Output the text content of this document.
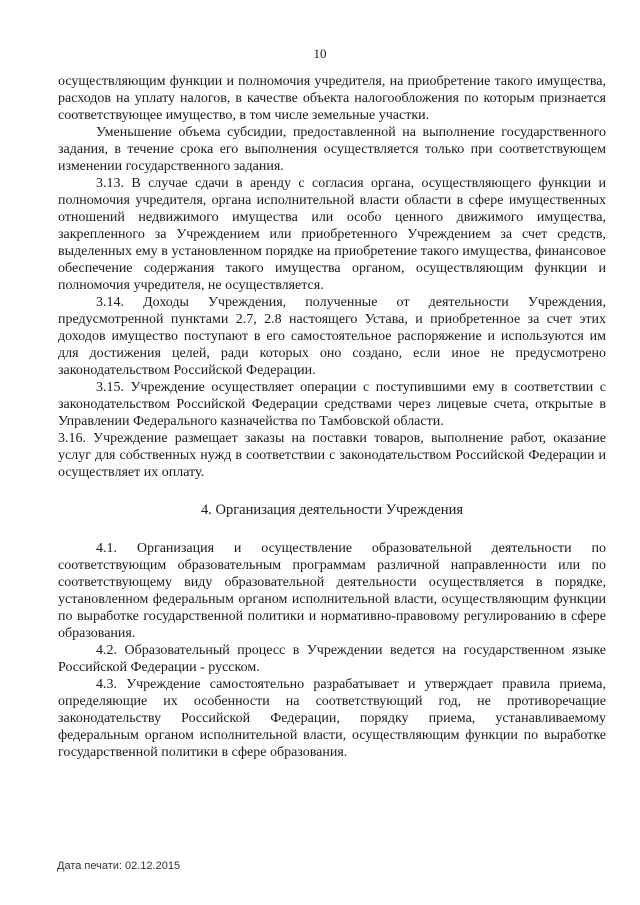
10

осуществляющим функции и полномочия учредителя, на приобретение такого имущества, расходов на уплату налогов, в качестве объекта налогообложения по которым признается соответствующее имущество, в том числе земельные участки.

Уменьшение объема субсидии, предоставленной на выполнение государственного задания, в течение срока его выполнения осуществляется только при соответствующем изменении государственного задания.

3.13. В случае сдачи в аренду с согласия органа, осуществляющего функции и полномочия учредителя, органа исполнительной власти области в сфере имущественных отношений недвижимого имущества или особо ценного движимого имущества, закрепленного за Учреждением или приобретенного Учреждением за счет средств, выделенных ему в установленном порядке на приобретение такого имущества, финансовое обеспечение содержания такого имущества органом, осуществляющим функции и полномочия учредителя, не осуществляется.

3.14. Доходы Учреждения, полученные от деятельности Учреждения, предусмотренной пунктами 2.7, 2.8 настоящего Устава, и приобретенное за счет этих доходов имущество поступают в его самостоятельное распоряжение и используются им для достижения целей, ради которых оно создано, если иное не предусмотрено законодательством Российской Федерации.

3.15. Учреждение осуществляет операции с поступившими ему в соответствии с законодательством Российской Федерации средствами через лицевые счета, открытые в Управлении Федерального казначейства по Тамбовской области.

3.16. Учреждение размещает заказы на поставки товаров, выполнение работ, оказание услуг для собственных нужд в соответствии с законодательством Российской Федерации и осуществляет их оплату.

4. Организация деятельности Учреждения

4.1. Организация и осуществление образовательной деятельности по соответствующим образовательным программам различной направленности или по соответствующему виду образовательной деятельности осуществляется в порядке, установленном федеральным органом исполнительной власти, осуществляющим функции по выработке государственной политики и нормативно-правовому регулированию в сфере образования.

4.2. Образовательный процесс в Учреждении ведется на государственном языке Российской Федерации - русском.

4.3. Учреждение самостоятельно разрабатывает и утверждает правила приема, определяющие их особенности на соответствующий год, не противоречащие законодательству Российской Федерации, порядку приема, устанавливаемому федеральным органом исполнительной власти, осуществляющим функции по выработке государственной политики в сфере образования.

Дата печати: 02.12.2015
